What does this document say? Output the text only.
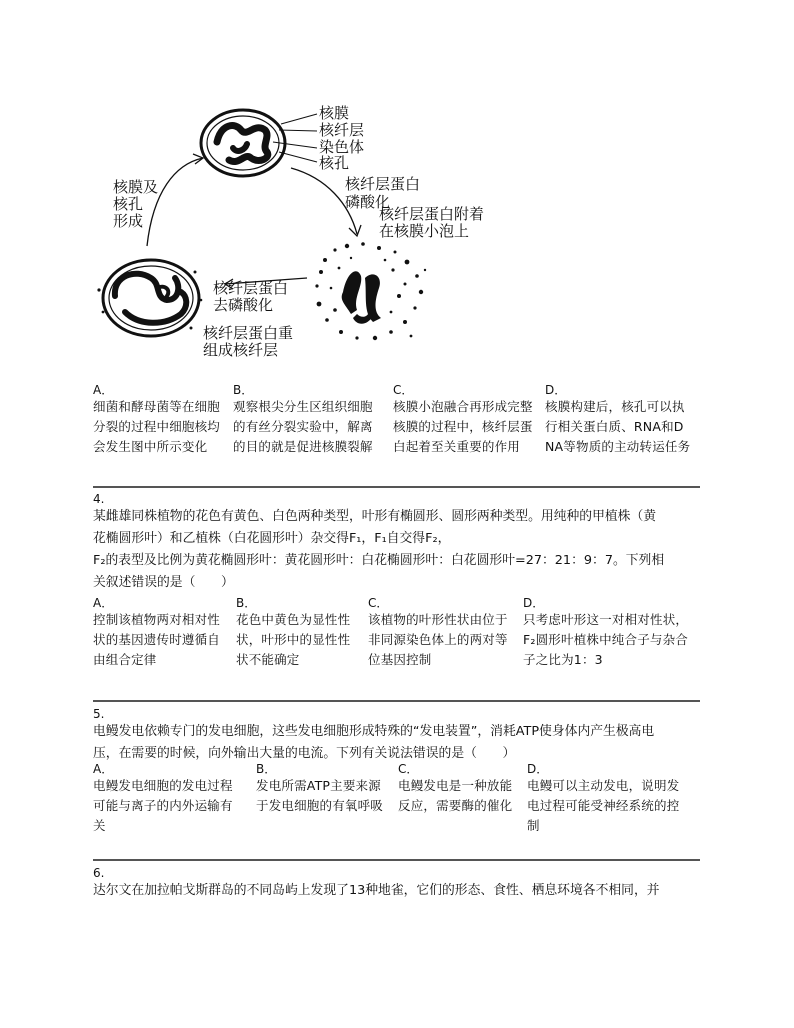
核膜
核纤层
染色体
核孔
核纤层蛋白
磷酸化
核纤层蛋白附着
在核膜小泡上
核膜及
核孔
形成
核纤层蛋白
去磷酸化
核纤层蛋白重
组成核纤层
A．
细菌和酵母菌等在细胞
分裂的过程中细胞核均
会发生图中所示变化
B．
观察根尖分生区组织细胞
的有丝分裂实验中，解离
的目的就是促进核膜裂解
C．
核膜小泡融合再形成完整
核膜的过程中，核纤层蛋
白起着至关重要的作用
D．
核膜构建后，核孔可以执
行相关蛋白质、RNA和D
NA等物质的主动转运任务
4.
某雌雄同株植物的花色有黄色、白色两种类型，叶形有椭圆形、圆形两种类型。用纯种的甲植株（黄
花椭圆形叶）和乙植株（白花圆形叶）杂交得F₁，F₁自交得F₂，
F₂的表型及比例为黄花椭圆形叶：黄花圆形叶：白花椭圆形叶：白花圆形叶=27：21：9：7。下列相
关叙述错误的是（　　）
A．
控制该植物两对相对性
状的基因遗传时遵循自
由组合定律
B．
花色中黄色为显性性
状，叶形中的显性性
状不能确定
C．
该植物的叶形性状由位于
非同源染色体上的两对等
位基因控制
D．
只考虑叶形这一对相对性状，
F₂圆形叶植株中纯合子与杂合
子之比为1：3
5.
电鳗发电依赖专门的发电细胞，这些发电细胞形成特殊的“发电装置”，消耗ATP使身体内产生极高电
压，在需要的时候，向外输出大量的电流。下列有关说法错误的是（　　）
A．
电鳗发电细胞的发电过程
可能与离子的内外运输有
关
B．
发电所需ATP主要来源
于发电细胞的有氧呼吸
C．
电鳗发电是一种放能
反应，需要酶的催化
D．
电鳗可以主动发电，说明发
电过程可能受神经系统的控
制
6.
达尔文在加拉帕戈斯群岛的不同岛屿上发现了13种地雀，它们的形态、食性、栖息环境各不相同，并
